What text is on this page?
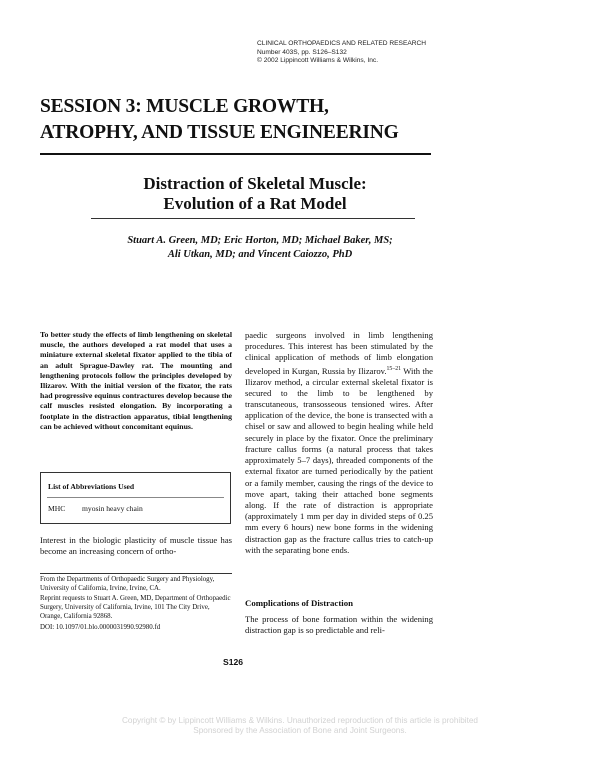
CLINICAL ORTHOPAEDICS AND RELATED RESEARCH
Number 403S, pp. S126–S132
© 2002 Lippincott Williams & Wilkins, Inc.
SESSION 3: MUSCLE GROWTH,
ATROPHY, AND TISSUE ENGINEERING
Distraction of Skeletal Muscle:
Evolution of a Rat Model
Stuart A. Green, MD; Eric Horton, MD; Michael Baker, MS;
Ali Utkan, MD; and Vincent Caiozzo, PhD
To better study the effects of limb lengthening on skeletal muscle, the authors developed a rat model that uses a miniature external skeletal fixator applied to the tibia of an adult Sprague-Dawley rat. The mounting and lengthening protocols follow the principles developed by Ilizarov. With the initial version of the fixator, the rats had progressive equinus contractures develop because the calf muscles resisted elongation. By incorporating a footplate in the distraction apparatus, tibial lengthening can be achieved without concomitant equinus.
List of Abbreviations Used
MHC myosin heavy chain
Interest in the biologic plasticity of muscle tissue has become an increasing concern of ortho-

From the Departments of Orthopaedic Surgery and Physiology, University of California, Irvine, Irvine, CA.

Reprint requests to Stuart A. Green, MD, Department of Orthopaedic Surgery, University of California, Irvine, 101 The City Drive, Orange, California 92868.

DOI: 10.1097/01.blo.0000031990.92980.fd

paedic surgeons involved in limb lengthening procedures. This interest has been stimulated by the clinical application of methods of limb elongation developed in Kurgan, Russia by Ilizarov.$^{15-21}$ With the Ilizarov method, a circular external skeletal fixator is secured to the limb to be lengthened by transcutaneous, transosseous tensioned wires. After application of the device, the bone is transected with a chisel or saw and allowed to begin healing while held securely in place by the fixator. Once the preliminary fracture callus forms (a natural process that takes approximately 5–7 days), threaded components of the external fixator are turned periodically by the patient or a family member, causing the rings of the device to move apart, taking their attached bone segments along. If the rate of distraction is appropriate (approximately 1 mm per day in divided steps of 0.25 mm every 6 hours) new bone forms in the widening distraction gap as the fracture callus tries to catch-up with the separating bone ends.

Complications of Distraction
The process of bone formation within the widening distraction gap is so predictable and reli-
S126
Copyright © by Lippincott Williams & Wilkins. Unauthorized reproduction of this article is prohibited
Sponsored by the Association of Bone and Joint Surgeons.
